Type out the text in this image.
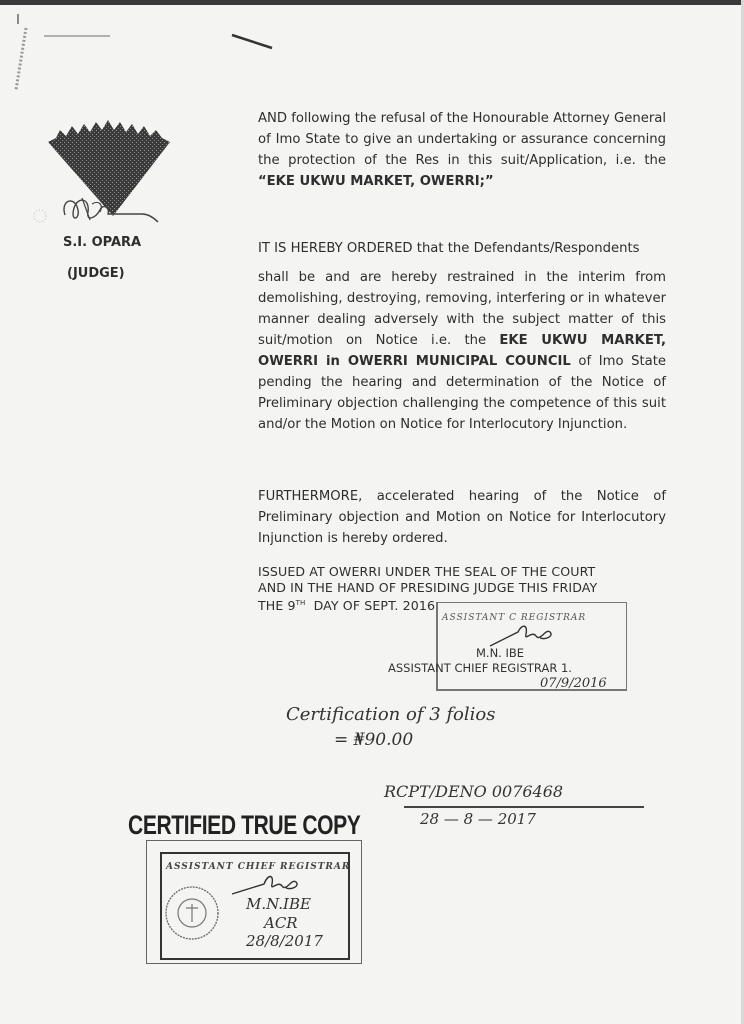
S.I. OPARA
(JUDGE)
AND following the refusal of the Honourable Attorney General of Imo State to give an undertaking or assurance concerning the protection of the Res in this suit/Application, i.e. the “EKE UKWU MARKET, OWERRI;”
IT IS HEREBY ORDERED that the Defendants/Respondents
shall be and are hereby restrained in the interim from demolishing, destroying, removing, interfering or in whatever manner dealing adversely with the subject matter of this suit/motion on Notice i.e. the EKE UKWU MARKET, OWERRI in OWERRI MUNICIPAL COUNCIL of Imo State pending the hearing and determination of the Notice of Preliminary objection challenging the competence of this suit and/or the Motion on Notice for Interlocutory Injunction.
FURTHERMORE, accelerated hearing of the Notice of Preliminary objection and Motion on Notice for Interlocutory Injunction is hereby ordered.
ISSUED AT OWERRI UNDER THE SEAL OF THE COURT
AND IN THE HAND OF PRESIDING JUDGE THIS FRIDAY
THE 9TH  DAY OF SEPT. 2016
ASSISTANT C REGISTRAR
M.N. IBE
ASSISTANT CHIEF REGISTRAR 1.
07/9/2016
Certification of 3 folios
= ₦90.00
RCPT/DENO 0076468
28 — 8 — 2017
CERTIFIED TRUE COPY
ASSISTANT CHIEF REGISTRAR
M.N.IBE
ACR
28/8/2017
